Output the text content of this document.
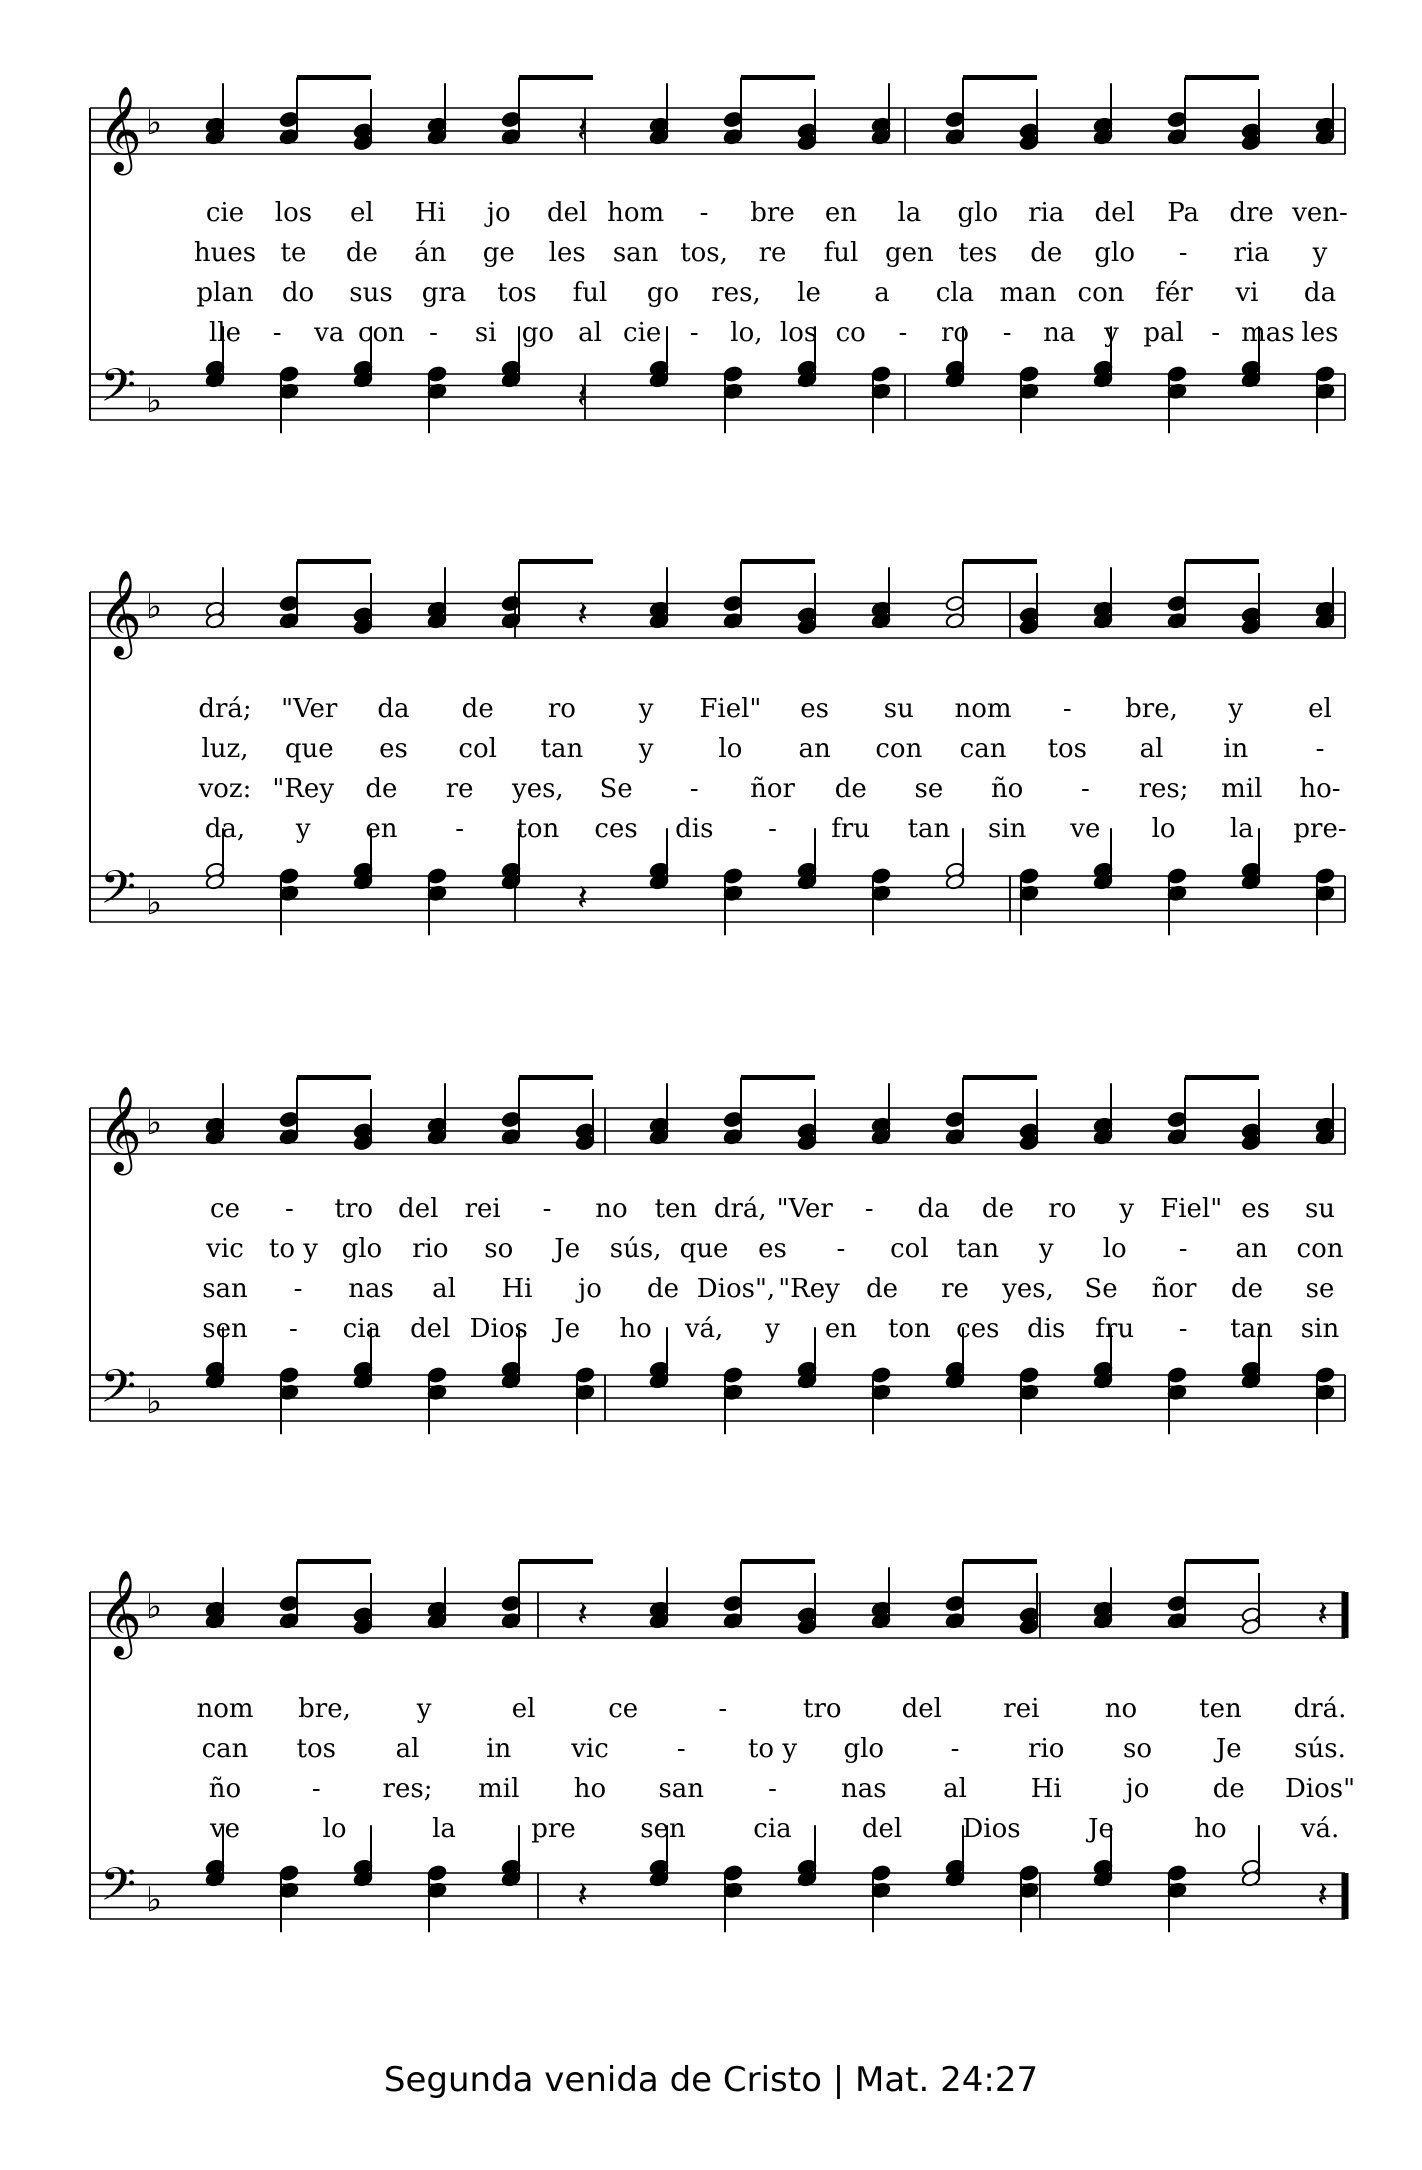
𝄞 ♭	𝄽
𝄢 ♭	𝄽
𝄞 ♭	𝄽
𝄢 ♭	𝄽
𝄞 ♭
𝄢 ♭
𝄞 ♭	𝄽	𝄽
𝄢 ♭	𝄽	𝄽
cie los el Hi jo del hom - bre en la glo ria del Pa dre ven-
hues te de án ge les san tos, re ful gen tes de glo - ria y
plan do sus gra tos ful go res, le a cla man con fér vi da
lle - va con - si go al cie - lo, los co - ro - na y pal - mas les
drá; "Ver da de ro y Fiel" es su nom - bre, y	el
luz, que es col tan y lo an con can tos al in	-
voz: "Rey de re yes, Se - ñor de se ño - res; mil ho-
da, y en - ton ces dis - fru tan sin ve lo la pre-
ce - tro del rei - no ten drá, "Ver - da de ro y Fiel" es su
vic to y glo rio so Je sús, que es - col tan y lo - an con
san - nas al Hi jo de Dios", "Rey de re yes, Se ñor de se
sen - cia del Dios Je ho vá, y en ton ces dis fru - tan sin
nom bre,	y	el	ce	-	tro del rei	no ten drá.
can tos al	in vic	- to y glo	-	rio so Je sús.
ño	- res; mil ho san - nas al Hi jo de Dios"
ve	lo	la	pre sen	cia	del Dios	Je	ho	vá.
Segunda venida de Cristo | Mat. 24:27
